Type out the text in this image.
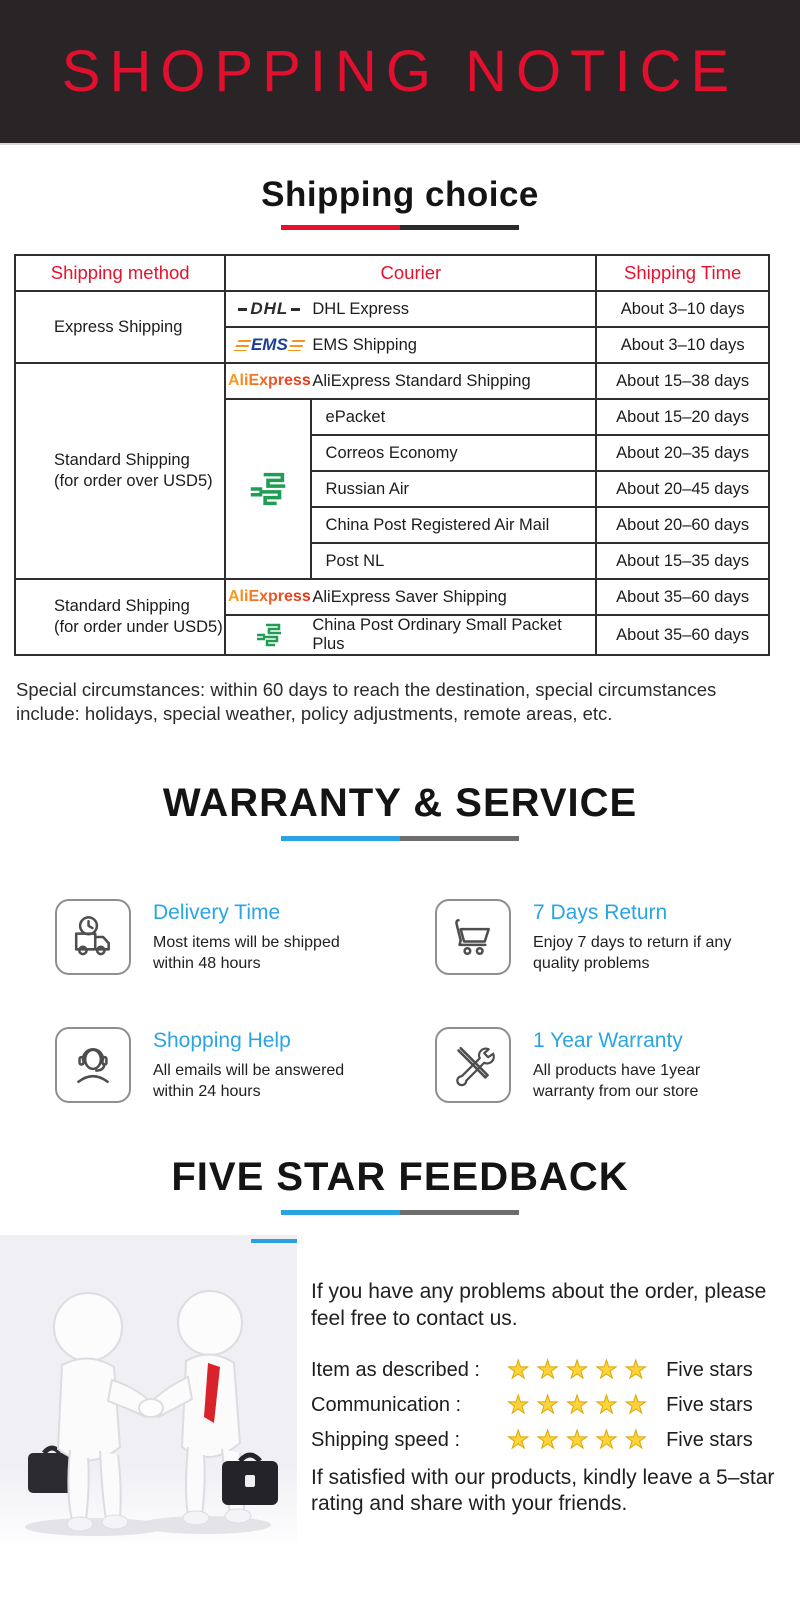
SHOPPING NOTICE
Shipping choice
Shipping method	Courier		Shipping Time
Express Shipping	DHL DHL Express		About 3–10 days

EMS EMS Shipping		About 3–10 days
Standard Shipping
(for order over USD5)	AliExpress AliExpress Standard Shipping		About 15–38 days

	ePacket	About 15–20 days
		Correos Economy	About 20–35 days
		Russian Air	About 20–45 days
		China Post Registered Air Mail	About 20–60 days
		Post NL	About 15–35 days
Standard Shipping
(for order under USD5)	AliExpress AliExpress Saver Shipping		About 35–60 days

	China Post Ordinary Small Packet Plus		About 35–60 days

Special circumstances: within 60 days to reach the destination, special circumstances include: holidays, special weather, policy adjustments, remote areas, etc.

WARRANTY & SERVICE
Delivery Time
Most items will be shipped within 48 hours
7 Days Return
Enjoy 7 days to return if any quality problems
Shopping Help
All emails will be answered within 24 hours
1 Year Warranty
All products have 1year warranty from our store
FIVE STAR FEEDBACK

If you have any problems about the order, please feel free to contact us.

Item as described :	★★★★★ Five stars
Communication :	★★★★★ Five stars
Shipping speed :	★★★★★ Five stars

If satisfied with our products, kindly leave a 5–star rating and share with your friends.
